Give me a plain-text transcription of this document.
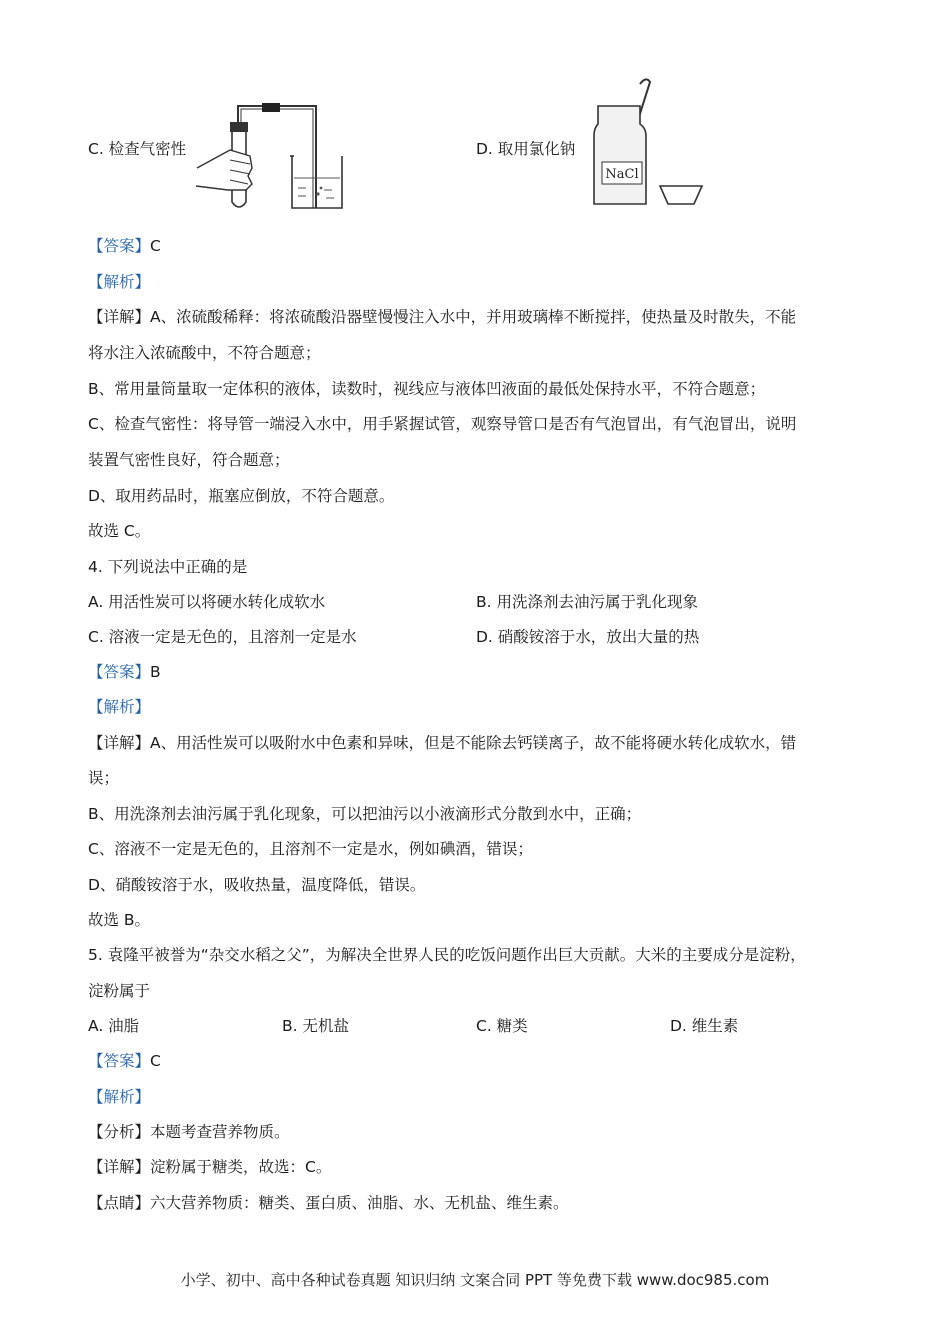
C. 检查气密性	D. 取用氯化钠
NaCl
【答案】C
【解析】
【详解】A、浓硫酸稀释：将浓硫酸沿器壁慢慢注入水中，并用玻璃棒不断搅拌，使热量及时散失，不能
将水注入浓硫酸中，不符合题意；
B、常用量筒量取一定体积的液体，读数时，视线应与液体凹液面的最低处保持水平，不符合题意；
C、检查气密性：将导管一端浸入水中，用手紧握试管，观察导管口是否有气泡冒出，有气泡冒出，说明
装置气密性良好，符合题意；
D、取用药品时，瓶塞应倒放，不符合题意。
故选 C。
4. 下列说法中正确的是
A. 用活性炭可以将硬水转化成软水	B. 用洗涤剂去油污属于乳化现象
C. 溶液一定是无色的，且溶剂一定是水	D. 硝酸铵溶于水，放出大量的热
【答案】B
【解析】
【详解】A、用活性炭可以吸附水中色素和异味，但是不能除去钙镁离子，故不能将硬水转化成软水，错
误；
B、用洗涤剂去油污属于乳化现象，可以把油污以小液滴形式分散到水中，正确；
C、溶液不一定是无色的，且溶剂不一定是水，例如碘酒，错误；
D、硝酸铵溶于水，吸收热量，温度降低，错误。
故选 B。
5. 袁隆平被誉为“杂交水稻之父”，为解决全世界人民的吃饭问题作出巨大贡献。大米的主要成分是淀粉，
淀粉属于
A. 油脂	B. 无机盐	C. 糖类	D. 维生素
【答案】C
【解析】
【分析】本题考查营养物质。
【详解】淀粉属于糖类，故选：C。
【点睛】六大营养物质：糖类、蛋白质、油脂、水、无机盐、维生素。
小学、初中、高中各种试卷真题 知识归纳 文案合同 PPT 等免费下载 www.doc985.com
